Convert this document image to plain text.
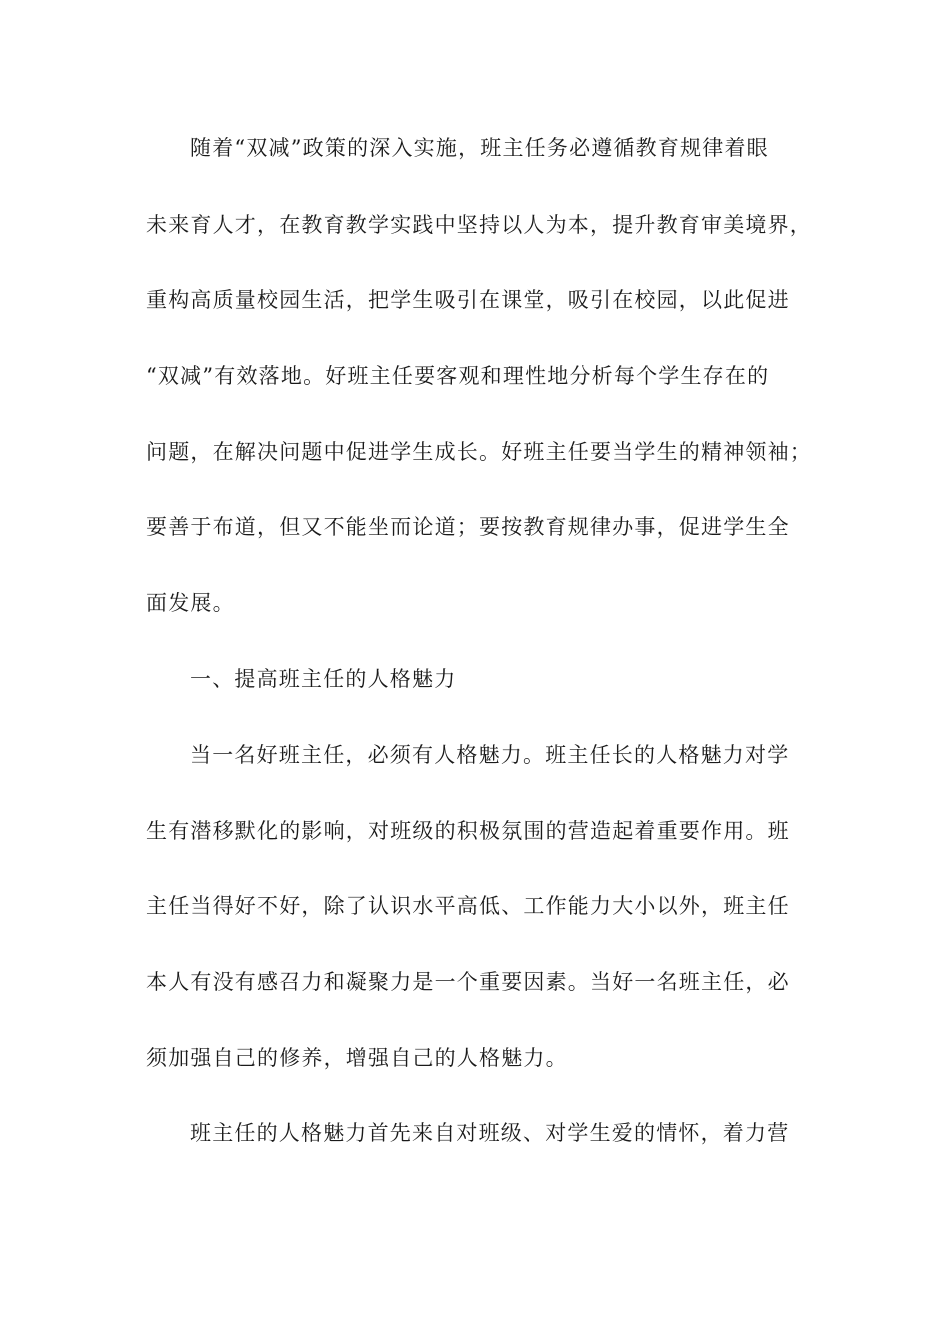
随着“双减”政策的深入实施，班主任务必遵循教育规律着眼
未来育人才，在教育教学实践中坚持以人为本，提升教育审美境界，
重构高质量校园生活，把学生吸引在课堂，吸引在校园，以此促进
“双减”有效落地。好班主任要客观和理性地分析每个学生存在的
问题，在解决问题中促进学生成长。好班主任要当学生的精神领袖；
要善于布道，但又不能坐而论道；要按教育规律办事，促进学生全
面发展。
一、提高班主任的人格魅力
当一名好班主任，必须有人格魅力。班主任长的人格魅力对学
生有潜移默化的影响，对班级的积极氛围的营造起着重要作用。班
主任当得好不好，除了认识水平高低、工作能力大小以外，班主任
本人有没有感召力和凝聚力是一个重要因素。当好一名班主任，必
须加强自己的修养，增强自己的人格魅力。
班主任的人格魅力首先来自对班级、对学生爱的情怀，着力营
